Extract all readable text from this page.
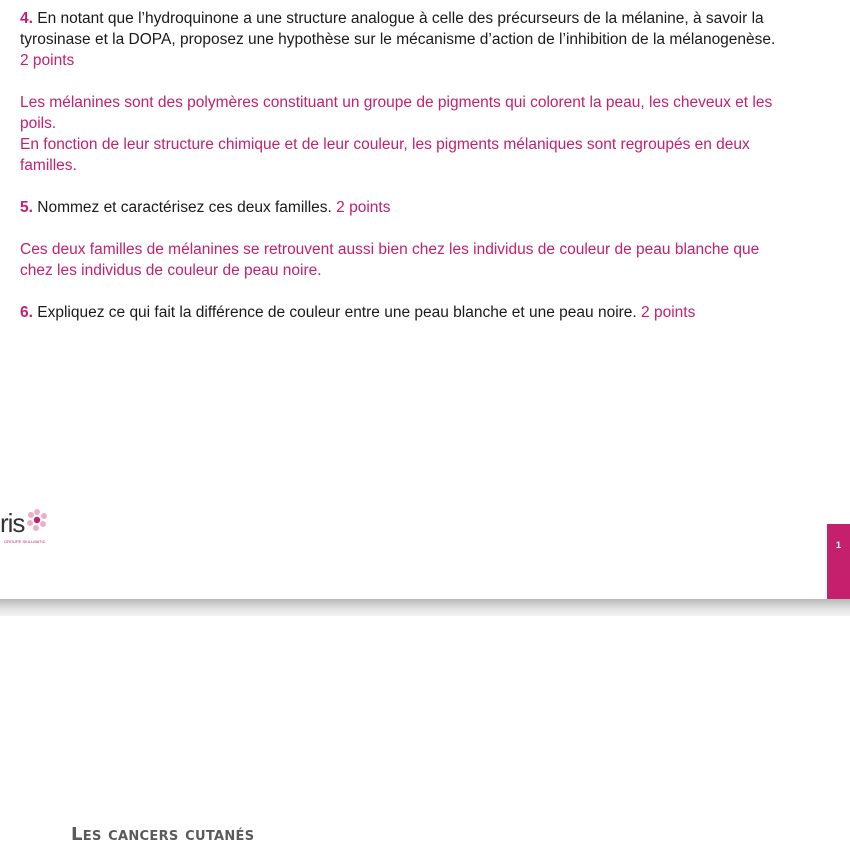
4. En notant que l’hydroquinone a une structure analogue à celle des précurseurs de la mélanine, à savoir la tyrosinase et la DOPA, proposez une hypothèse sur le mécanisme d’action de l’inhibition de la mélanogenèse.
2 points

Les mélanines sont des polymères constituant un groupe de pigments qui colorent la peau, les cheveux et les poils.

En fonction de leur structure chimique et de leur couleur, les pigments mélaniques sont regroupés en deux familles.

5. Nommez et caractérisez ces deux familles. 2 points

Ces deux familles de mélanines se retrouvent aussi bien chez les individus de couleur de peau blanche que chez les individus de couleur de peau noire.

6. Expliquez ce qui fait la différence de couleur entre une peau blanche et une peau noire. 2 points

ris
GROUPE SKILLMATIC	1
Les cancers cutanés
